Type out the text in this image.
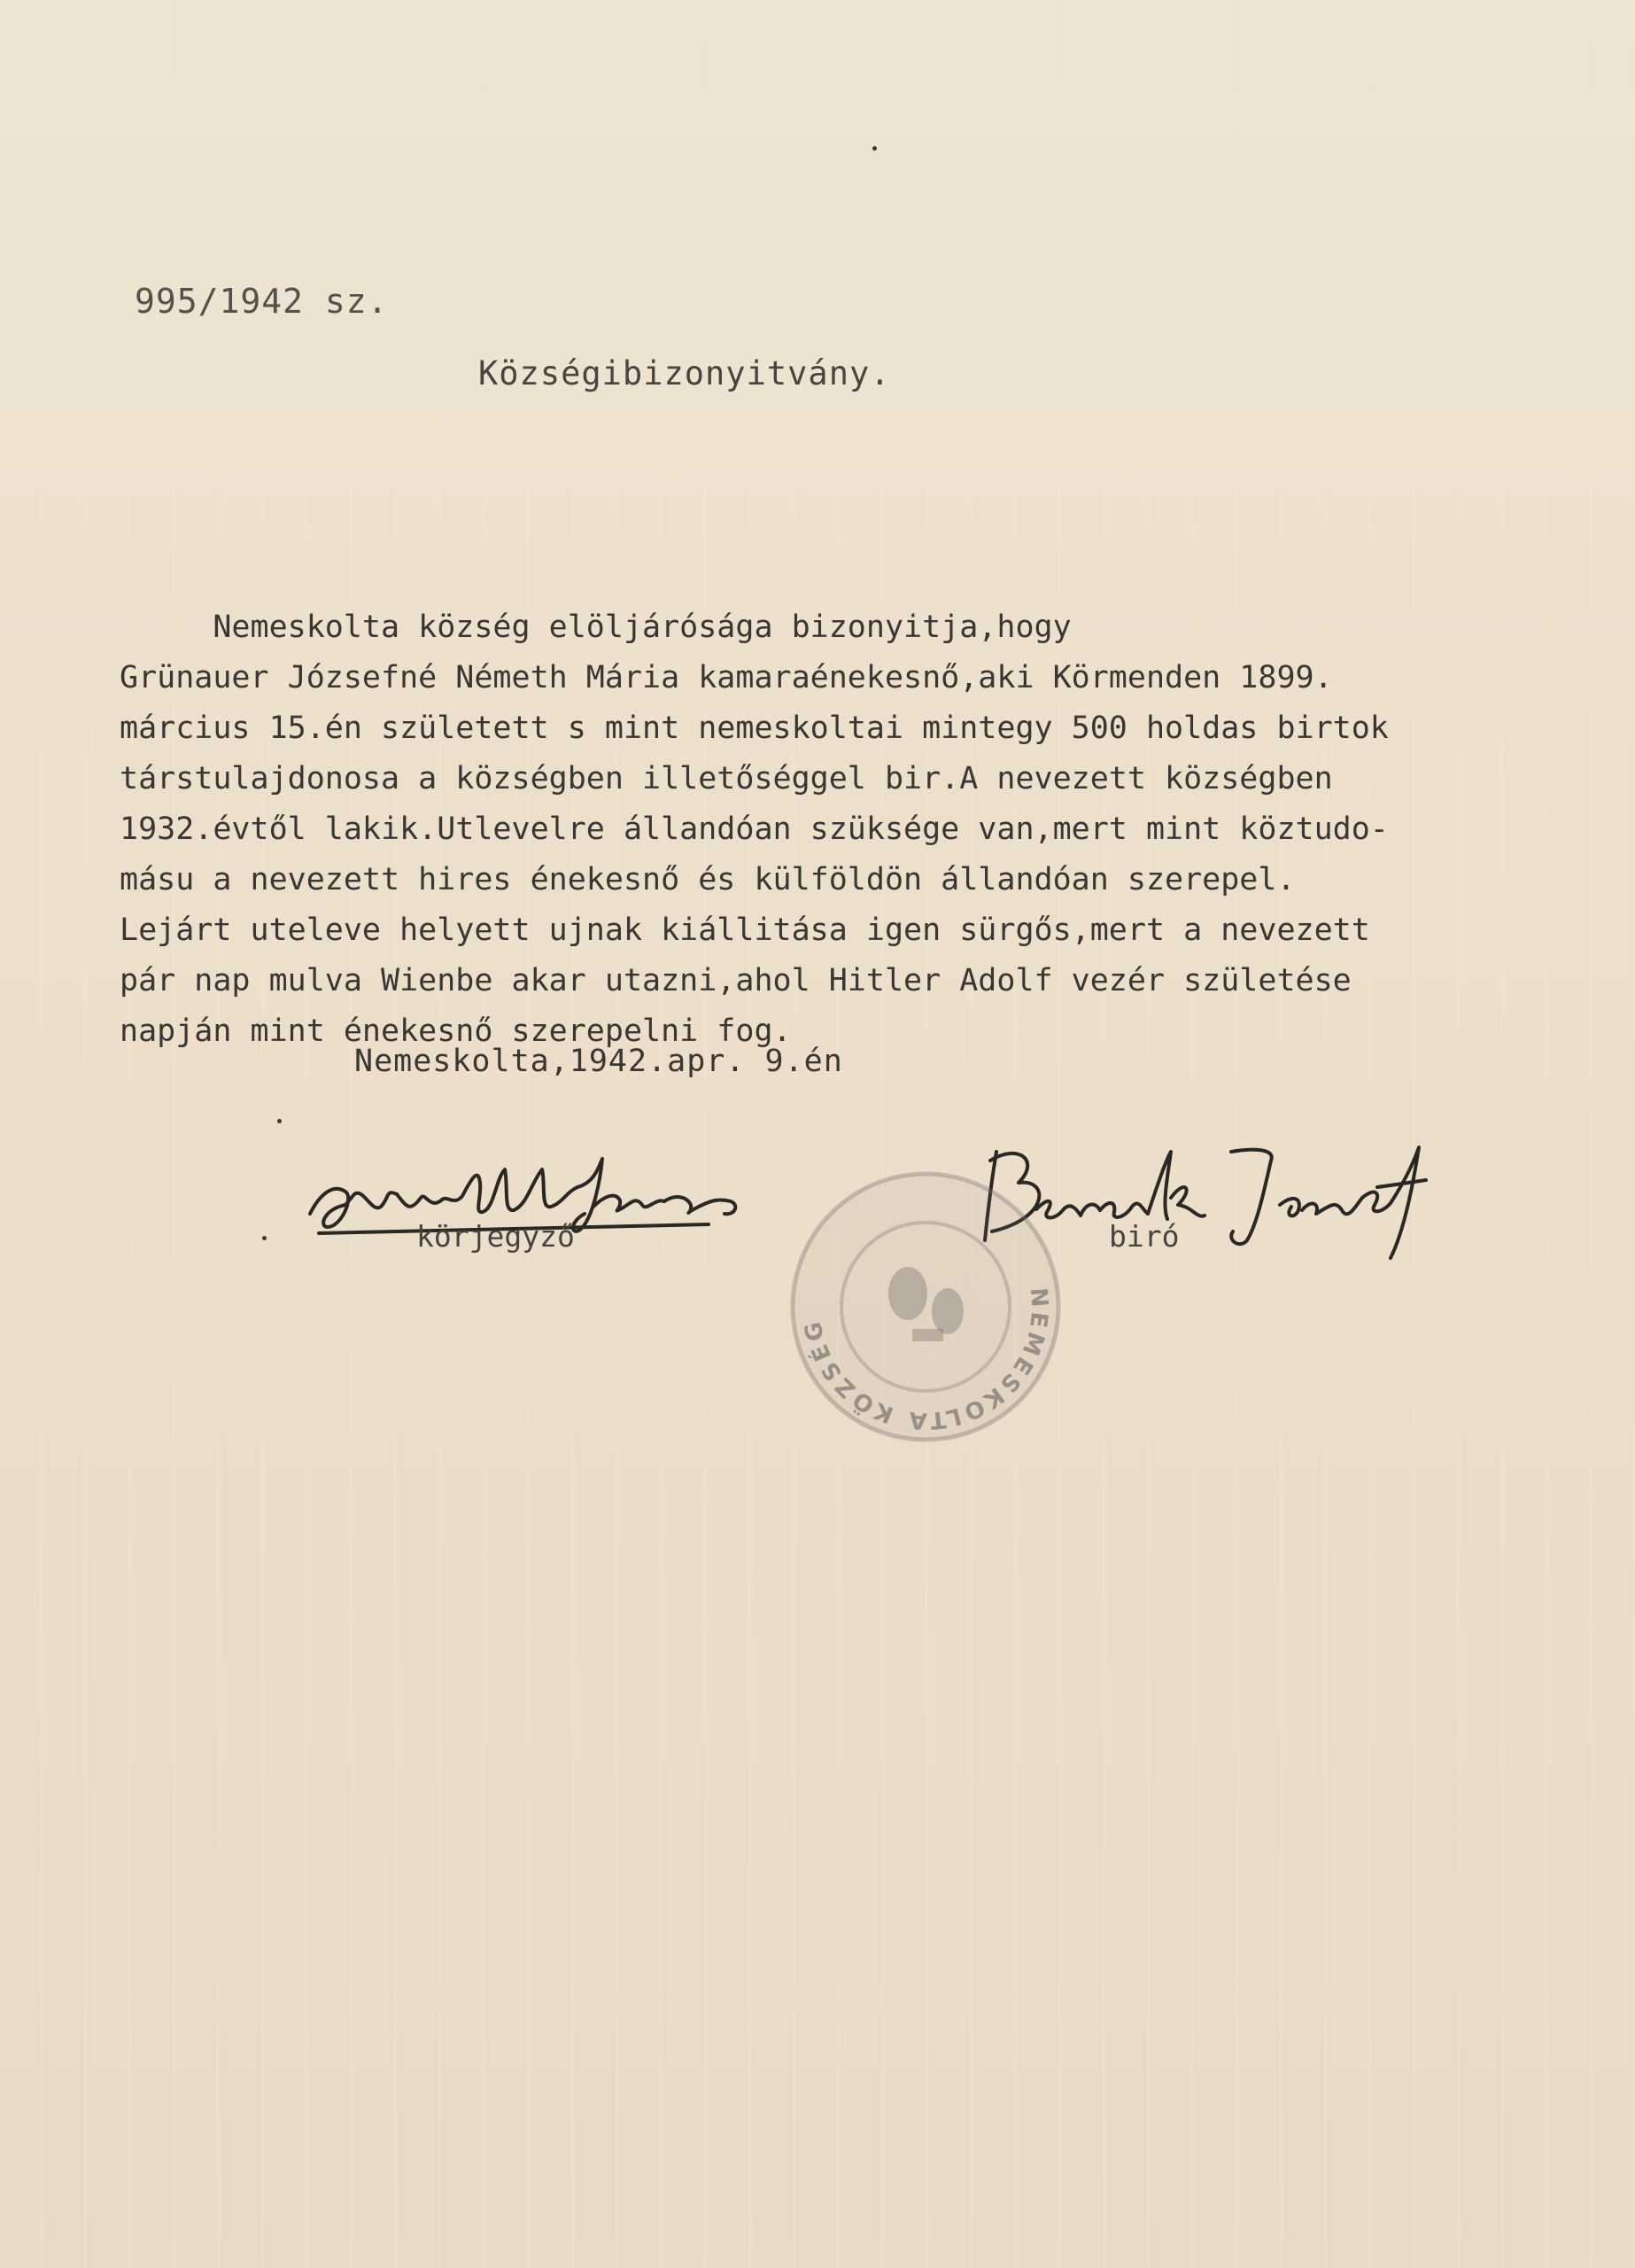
995/1942 sz.
Községibizonyitvány.
Nemeskolta község elöljárósága bizonyitja,hogy
Grünauer Józsefné Németh Mária kamaraénekesnő,aki Körmenden 1899.
március 15.én született s mint nemeskoltai mintegy 500 holdas birtok
társtulajdonosa a községben illetőséggel bir.A nevezett községben
1932.évtől lakik.Utlevelre állandóan szüksége van,mert mint köztudo-
másu a nevezett hires énekesnő és külföldön állandóan szerepel.
Lejárt uteleve helyett ujnak kiállitása igen sürgős,mert a nevezett
pár nap mulva Wienbe akar utazni,ahol Hitler Adolf vezér születése
napján mint énekesnő szerepelni fog.
Nemeskolta,1942.apr. 9.én
körjegyző	biró
NEMESKOLTA KÖZSÉG
